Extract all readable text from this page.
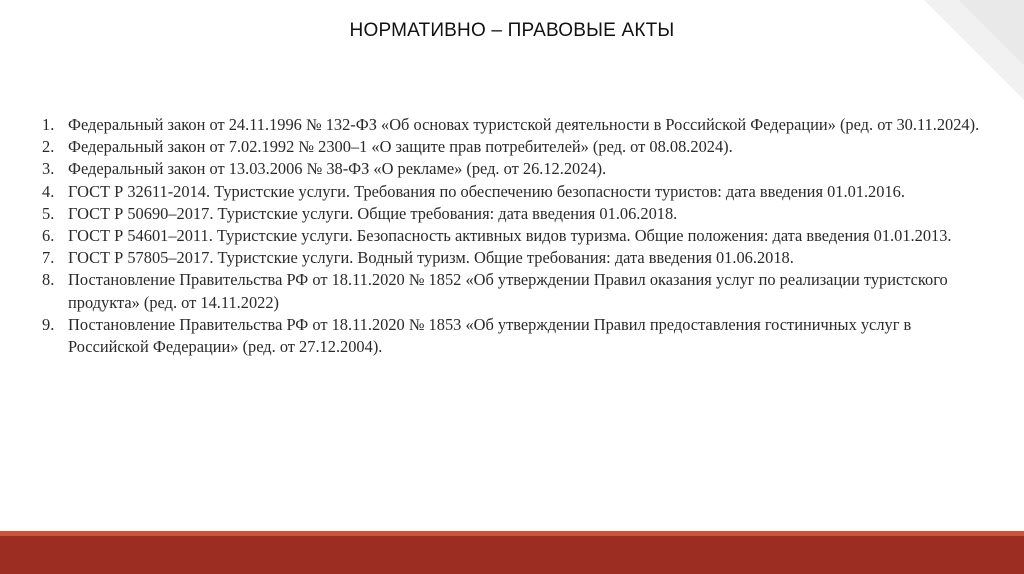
НОРМАТИВНО – ПРАВОВЫЕ АКТЫ
1. Федеральный закон от 24.11.1996 № 132-ФЗ «Об основах туристской деятельности в Российской Федерации» (ред. от 30.11.2024).
2. Федеральный закон от 7.02.1992 № 2300–1 «О защите прав потребителей» (ред. от 08.08.2024).
3. Федеральный закон от 13.03.2006 № 38-ФЗ «О рекламе» (ред. от 26.12.2024).
4. ГОСТ Р 32611-2014. Туристские услуги. Требования по обеспечению безопасности туристов: дата введения 01.01.2016.
5. ГОСТ Р 50690–2017. Туристские услуги. Общие требования: дата введения 01.06.2018.
6. ГОСТ Р 54601–2011. Туристские услуги. Безопасность активных видов туризма. Общие положения: дата введения 01.01.2013.
7. ГОСТ Р 57805–2017. Туристские услуги. Водный туризм. Общие требования: дата введения 01.06.2018.
8. Постановление Правительства РФ от 18.11.2020 № 1852 «Об утверждении Правил оказания услуг по реализации туристского продукта» (ред. от 14.11.2022)
9. Постановление Правительства РФ от 18.11.2020 № 1853 «Об утверждении Правил предоставления гостиничных услуг в Российской Федерации» (ред. от 27.12.2004).
